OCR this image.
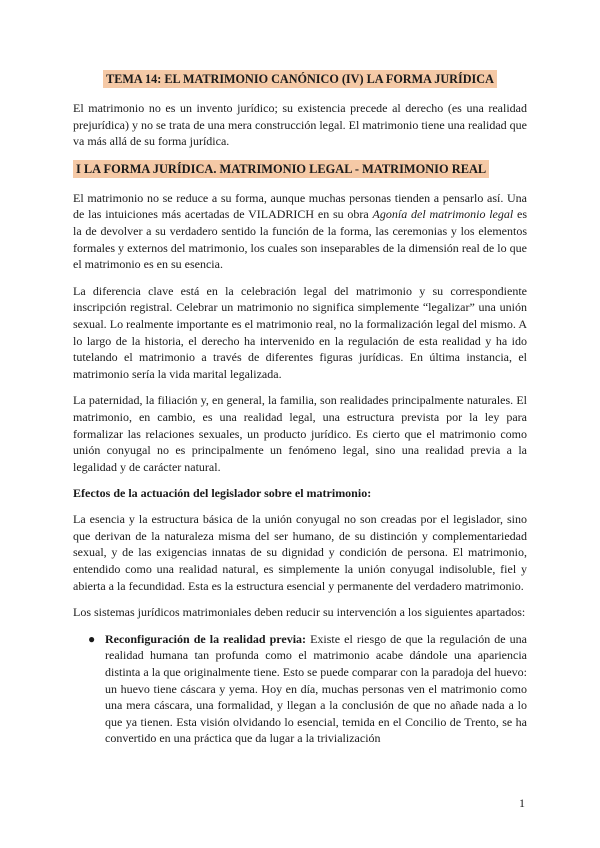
TEMA 14: EL MATRIMONIO CANÓNICO (IV) LA FORMA JURÍDICA

El matrimonio no es un invento jurídico; su existencia precede al derecho (es una realidad prejurídica) y no se trata de una mera construcción legal. El matrimonio tiene una realidad que va más allá de su forma jurídica.

I LA FORMA JURÍDICA. MATRIMONIO LEGAL - MATRIMONIO REAL

El matrimonio no se reduce a su forma, aunque muchas personas tienden a pensarlo así. Una de las intuiciones más acertadas de VILADRICH en su obra Agonía del matrimonio legal es la de devolver a su verdadero sentido la función de la forma, las ceremonias y los elementos formales y externos del matrimonio, los cuales son inseparables de la dimensión real de lo que el matrimonio es en su esencia.

La diferencia clave está en la celebración legal del matrimonio y su correspondiente inscripción registral. Celebrar un matrimonio no significa simplemente “legalizar” una unión sexual. Lo realmente importante es el matrimonio real, no la formalización legal del mismo. A lo largo de la historia, el derecho ha intervenido en la regulación de esta realidad y ha ido tutelando el matrimonio a través de diferentes figuras jurídicas. En última instancia, el matrimonio sería la vida marital legalizada.

La paternidad, la filiación y, en general, la familia, son realidades principalmente naturales. El matrimonio, en cambio, es una realidad legal, una estructura prevista por la ley para formalizar las relaciones sexuales, un producto jurídico. Es cierto que el matrimonio como unión conyugal no es principalmente un fenómeno legal, sino una realidad previa a la legalidad y de carácter natural.

Efectos de la actuación del legislador sobre el matrimonio:

La esencia y la estructura básica de la unión conyugal no son creadas por el legislador, sino que derivan de la naturaleza misma del ser humano, de su distinción y complementariedad sexual, y de las exigencias innatas de su dignidad y condición de persona. El matrimonio, entendido como una realidad natural, es simplemente la unión conyugal indisoluble, fiel y abierta a la fecundidad. Esta es la estructura esencial y permanente del verdadero matrimonio.

Los sistemas jurídicos matrimoniales deben reducir su intervención a los siguientes apartados:

● Reconfiguración de la realidad previa: Existe el riesgo de que la regulación de una realidad humana tan profunda como el matrimonio acabe dándole una apariencia distinta a la que originalmente tiene. Esto se puede comparar con la paradoja del huevo: un huevo tiene cáscara y yema. Hoy en día, muchas personas ven el matrimonio como una mera cáscara, una formalidad, y llegan a la conclusión de que no añade nada a lo que ya tienen. Esta visión olvidando lo esencial, temida en el Concilio de Trento, se ha convertido en una práctica que da lugar a la trivialización

1
